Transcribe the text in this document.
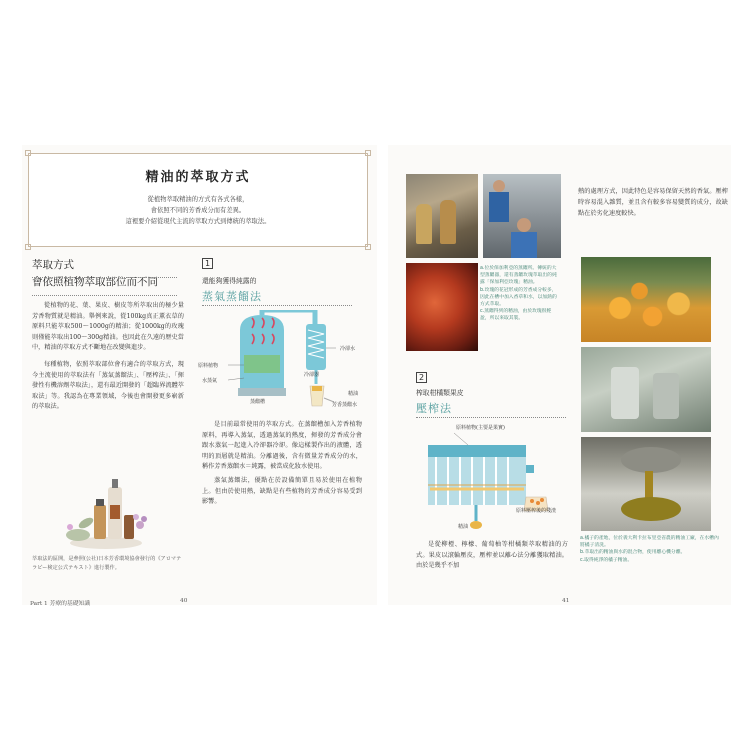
精油的萃取方式
從植物萃取精油的方式有各式各樣，
會依照不同的芳香成分而有差異。
這裡要介紹從現代主流的萃取方式到傳統的萃取法。
萃取方式
會依照植物萃取部位而不同

從植物的花、葉、果皮、樹皮等所萃取出的極少量芳香物質就是精油。舉例來說，從100kg真正薰衣草的原料只能萃取500～1000g的精油；從1000kg的玫瑰則僅能萃取出100～300g精油。也因此在久遠的歷史當中，精油的萃取方式不斷地在改變與進步。

每種植物，依照萃取部位會有適合的萃取方式，現今主流使用的萃取法有「蒸氣蒸餾法」、「壓榨法」、「揮發性有機溶劑萃取法」，還有最近開發的「超臨界流體萃取法」等。我認為在專業領域，今後也會開發更多嶄新的萃取法。

萃取法的區開，是參照(公社)日本芳香環境協會發行的《アロマテラピー検定公式テキスト》進行製作。
1
還能夠獲得純露的
蒸氣蒸餾法
原料植物
水蒸氣
蒸餾槽
冷卻水
冷卻器
精油
芳香蒸餾水

是目前最常使用的萃取方式。在蒸餾槽加入芳香植物原料，再導入蒸氣，透過蒸氣的熱度，揮發的芳香成分會跟水蒸氣一起進入冷卻器冷卻。像這樣製作出的液體，透明的頂層就是精油。分離過後，含有微量芳香成分的水，稱作芳香蒸餾水＝純露，被當成化妝水使用。

蒸氣蒸餾法，優點在於設備簡單且易於使用在植物上。但由於使用熱，缺點是有些植物的芳香成分容易受到影響。

Part 1 芳療的基礎知識	40
a.位於保加利亞的蒸餾所。傳統的大型蒸餾器，還有蒸餾玫瑰萃取出的純露「保加利亞玫瑰」精油。
b.玫瑰的花冠形成的芳香成分較多，因此在槽中加入香草和水，以加熱的方式萃取。
c.蒸餾得到的精油，由於玫瑰很輕盈，所以來取其裝。
熱的處理方式，因此特色是容易保留天然的香氣。壓榨時容易混入雜質，並且含有較多容易變質的成分，故缺點在於劣化速度較快。
2
榨取柑橘類果皮
壓榨法
原料植物(主要是果實)
原料壓榨後的殘渣
精油

是從柳橙、檸檬、葡萄柚等柑橘類萃取精油的方式。果皮以滾輪壓皮，壓榨並以離心法分離獲取精油。由於是幾乎不加

a.橘子的產地，位於義大利卡拉布里亞省農的精油工廠，在水槽內將橘子清洗。
b.萃取出的精油與水的混合物，使用離心機分離。
c.取得純淨的橘子精油。
41
